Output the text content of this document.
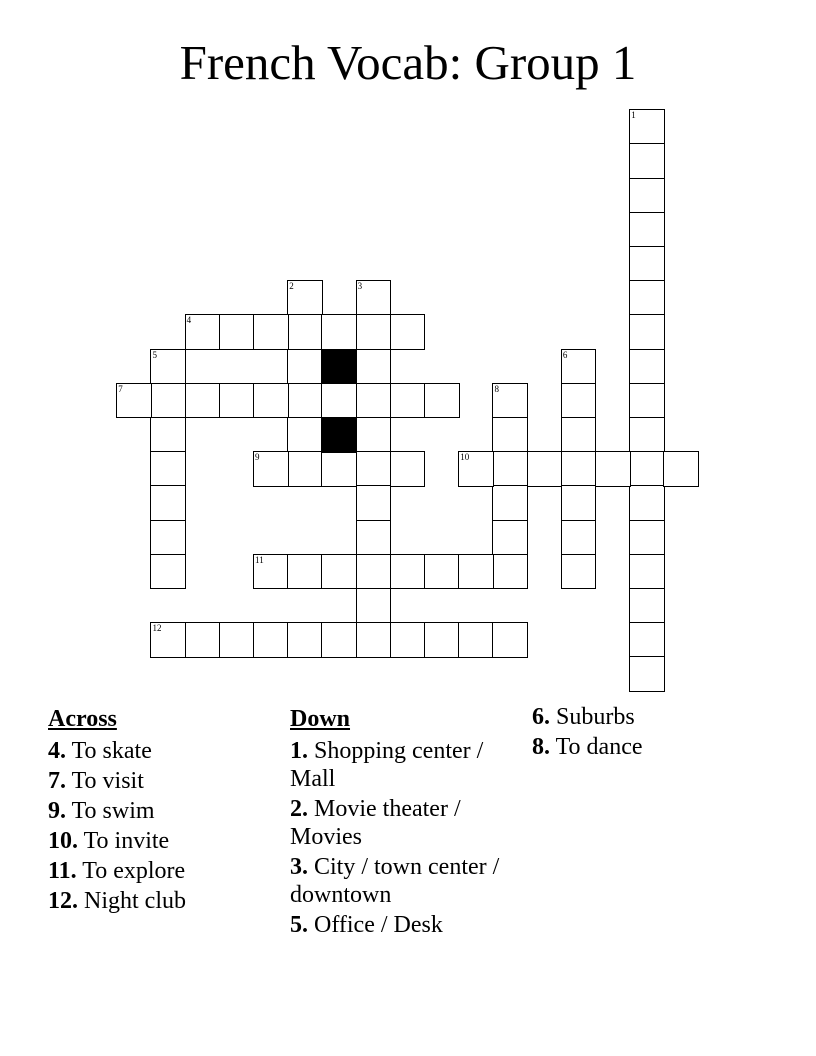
French Vocab: Group 1
1
2	3
4
5	6
7	8
9	10
11
12
Across
4. To skate
7. To visit
9. To swim
10. To invite
11. To explore
12. Night club
Down
1. Shopping center / Mall
2. Movie theater / Movies
3. City / town center / downtown
5. Office / Desk
6. Suburbs
8. To dance
